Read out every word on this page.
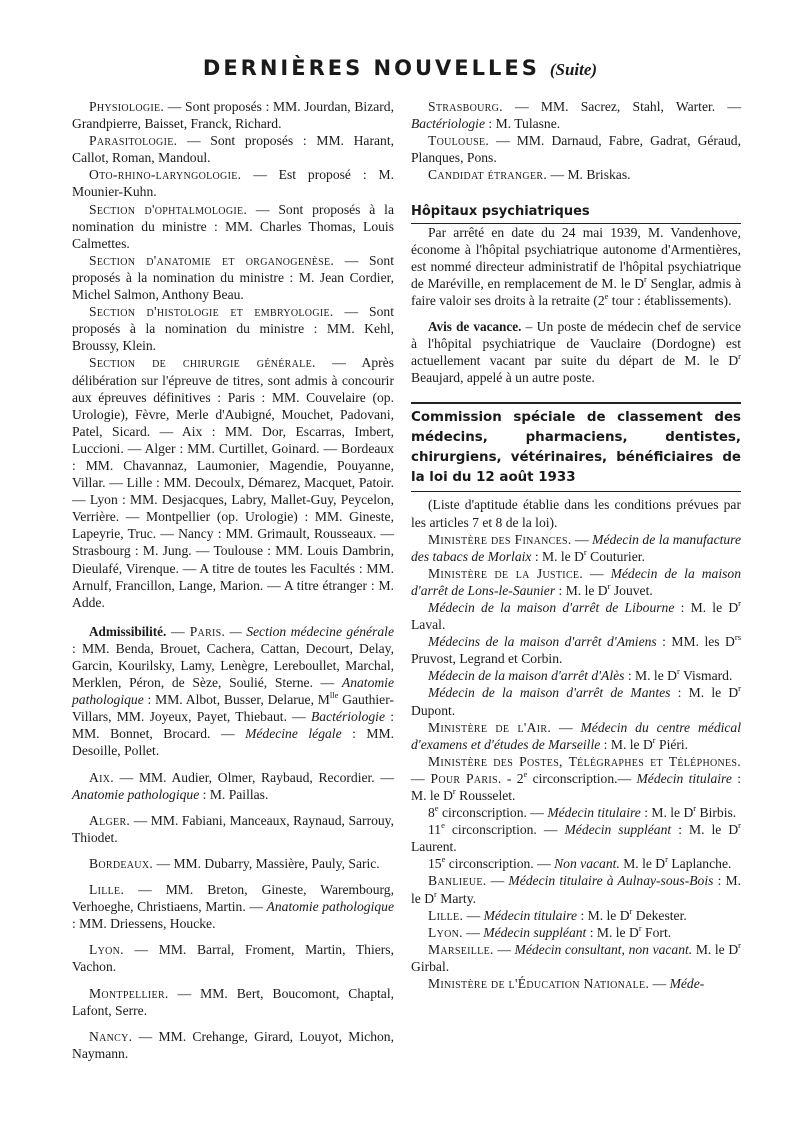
DERNIÈRES NOUVELLES (Suite)

Physiologie. — Sont proposés : MM. Jourdan, Bizard, Grandpierre, Baisset, Franck, Richard.

Parasitologie. — Sont proposés : MM. Harant, Callot, Roman, Mandoul.

Oto-rhino-laryngologie. — Est proposé : M. Mounier-Kuhn.

Section d'ophtalmologie. — Sont proposés à la nomination du ministre : MM. Charles Thomas, Louis Calmettes.

Section d'anatomie et organogenèse. — Sont proposés à la nomination du ministre : M. Jean Cordier, Michel Salmon, Anthony Beau.

Section d'histologie et embryologie. — Sont proposés à la nomination du ministre : MM. Kehl, Broussy, Klein.

Section de chirurgie générale. — Après délibération sur l'épreuve de titres, sont admis à concourir aux épreuves définitives : Paris : MM. Couvelaire (op. Urologie), Fèvre, Merle d'Aubigné, Mouchet, Padovani, Patel, Sicard. — Aix : MM. Dor, Escarras, Imbert, Luccioni. — Alger : MM. Curtillet, Goinard. — Bordeaux : MM. Chavannaz, Laumonier, Magendie, Pouyanne, Villar. — Lille : MM. Decoulx, Démarez, Macquet, Patoir.— Lyon : MM. Desjacques, Labry, Mallet-Guy, Peycelon, Verrière. — Montpellier (op. Urologie) : MM. Gineste, Lapeyrie, Truc. — Nancy : MM. Grimault, Rousseaux. — Strasbourg : M. Jung. — Toulouse : MM. Louis Dambrin, Dieulafé, Virenque. — A titre de toutes les Facultés : MM. Arnulf, Francillon, Lange, Marion. — A titre étranger : M. Adde.

Admissibilité. — Paris. — Section médecine générale : MM. Benda, Brouet, Cachera, Cattan, Decourt, Delay, Garcin, Kourilsky, Lamy, Lenègre, Lereboullet, Marchal, Merklen, Péron, de Sèze, Soulié, Sterne. — Anatomie pathologique : MM. Albot, Busser, Delarue, $M^{lle}$ Gauthier-Villars, MM. Joyeux, Payet, Thiebaut. — Bactériologie : MM. Bonnet, Brocard. — Médecine légale : MM. Desoille, Pollet.

Aix. — MM. Audier, Olmer, Raybaud, Recordier. — Anatomie pathologique : M. Paillas.

Alger. — MM. Fabiani, Manceaux, Raynaud, Sarrouy, Thiodet.

Bordeaux. — MM. Dubarry, Massière, Pauly, Saric.

Lille. — MM. Breton, Gineste, Warembourg, Verhoeghe, Christiaens, Martin. — Anatomie pathologique : MM. Driessens, Houcke.

Lyon. — MM. Barral, Froment, Martin, Thiers, Vachon.

Montpellier. — MM. Bert, Boucomont, Chaptal, Lafont, Serre.

Nancy. — MM. Crehange, Girard, Louyot, Michon, Naymann.

Strasbourg. — MM. Sacrez, Stahl, Warter. — Bactériologie : M. Tulasne.

Toulouse. — MM. Darnaud, Fabre, Gadrat, Géraud, Planques, Pons.

Candidat étranger. — M. Briskas.

Hôpitaux psychiatriques

Par arrêté en date du 24 mai 1939, M. Vandenhove, économe à l'hôpital psychiatrique autonome d'Armentières, est nommé directeur administratif de l'hôpital psychiatrique de Maréville, en remplacement de M. le $D^r$ Senglar, admis à faire valoir ses droits à la retraite (2e tour : établissements).

Avis de vacance. – Un poste de médecin chef de service à l'hôpital psychiatrique de Vauclaire (Dordogne) est actuellement vacant par suite du départ de M. le $D^r$ Beaujard, appelé à un autre poste.

Commission spéciale de classement des médecins, pharmaciens, dentistes, chirurgiens, vétérinaires, bénéficiaires de la loi du 12 août 1933

(Liste d'aptitude établie dans les conditions prévues par les articles 7 et 8 de la loi).

Ministère des Finances. — Médecin de la manufacture des tabacs de Morlaix : M. le $D^r$ Couturier.

Ministère de la Justice. — Médecin de la maison d'arrêt de Lons-le-Saunier : M. le $D^r$ Jouvet.

Médecin de la maison d'arrêt de Libourne : M. le $D^r$ Laval.

Médecins de la maison d'arrêt d'Amiens : MM. les $D^{rs}$ Pruvost, Legrand et Corbin.

Médecin de la maison d'arrêt d'Alès : M. le $D^r$ Vismard.

Médecin de la maison d'arrêt de Mantes : M. le $D^r$ Dupont.

Ministère de l'Air. — Médecin du centre médical d'examens et d'études de Marseille : M. le $D^r$ Piéri.

Ministère des Postes, Télégraphes et Téléphones. — Pour Paris. - 2e circonscription.— Médecin titulaire : M. le $D^r$ Rousselet.

8e circonscription. — Médecin titulaire : M. le $D^r$ Birbis.

11e circonscription. — Médecin suppléant : M. le $D^r$ Laurent.

15e circonscription. — Non vacant. M. le $D^r$ Laplanche.

Banlieue. — Médecin titulaire à Aulnay-sous-Bois : M. le $D^r$ Marty.

Lille. — Médecin titulaire : M. le $D^r$ Dekester.

Lyon. — Médecin suppléant : M. le $D^r$ Fort.

Marseille. — Médecin consultant, non vacant. M. le $D^r$ Girbal.

Ministère de l'Éducation Nationale. — Méde-
